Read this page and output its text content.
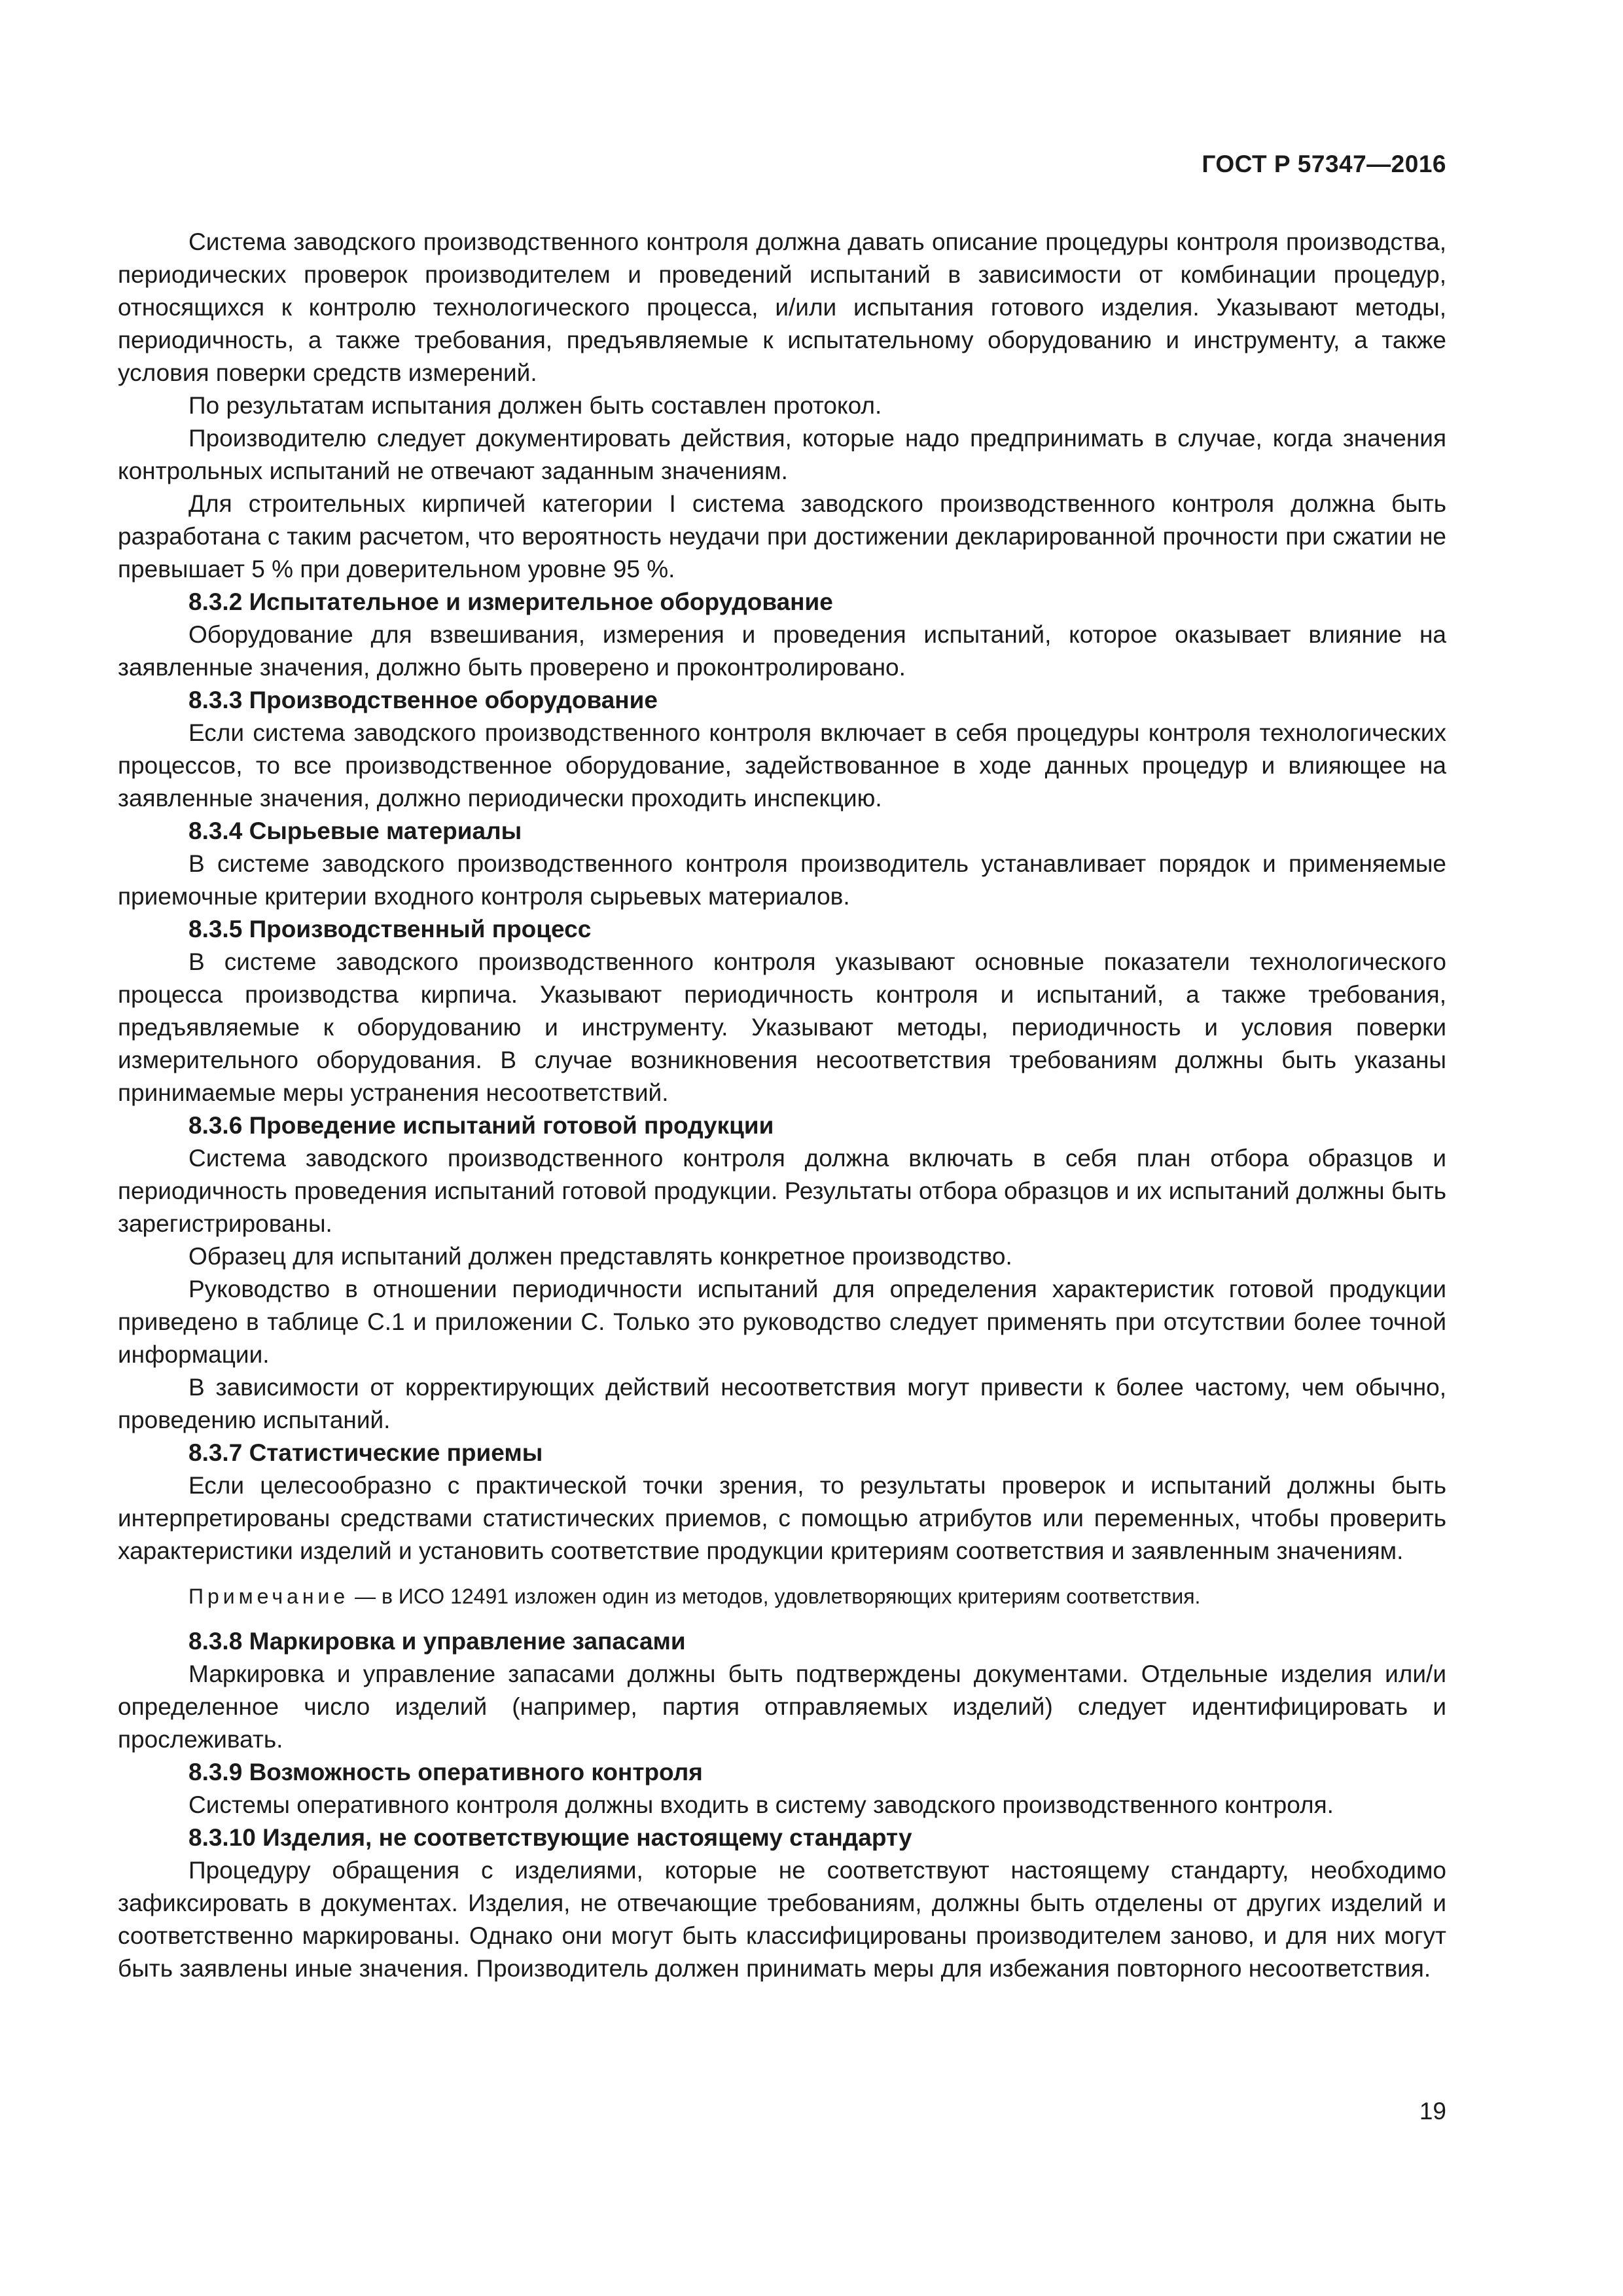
ГОСТ Р 57347—2016

Система заводского производственного контроля должна давать описание процедуры контроля производства, периодических проверок производителем и проведений испытаний в зависимости от комбинации процедур, относящихся к контролю технологического процесса, и/или испытания готового изделия. Указывают методы, периодичность, а также требования, предъявляемые к испытательному оборудованию и инструменту, а также условия поверки средств измерений.

По результатам испытания должен быть составлен протокол.

Производителю следует документировать действия, которые надо предпринимать в случае, когда значения контрольных испытаний не отвечают заданным значениям.

Для строительных кирпичей категории I система заводского производственного контроля должна быть разработана с таким расчетом, что вероятность неудачи при достижении декларированной прочности при сжатии не превышает 5 % при доверительном уровне 95 %.

8.3.2 Испытательное и измерительное оборудование

Оборудование для взвешивания, измерения и проведения испытаний, которое оказывает влияние на заявленные значения, должно быть проверено и проконтролировано.

8.3.3 Производственное оборудование

Если система заводского производственного контроля включает в себя процедуры контроля технологических процессов, то все производственное оборудование, задействованное в ходе данных процедур и влияющее на заявленные значения, должно периодически проходить инспекцию.

8.3.4 Сырьевые материалы

В системе заводского производственного контроля производитель устанавливает порядок и применяемые приемочные критерии входного контроля сырьевых материалов.

8.3.5 Производственный процесс

В системе заводского производственного контроля указывают основные показатели технологического процесса производства кирпича. Указывают периодичность контроля и испытаний, а также требования, предъявляемые к оборудованию и инструменту. Указывают методы, периодичность и условия поверки измерительного оборудования. В случае возникновения несоответствия требованиям должны быть указаны принимаемые меры устранения несоответствий.

8.3.6 Проведение испытаний готовой продукции

Система заводского производственного контроля должна включать в себя план отбора образцов и периодичность проведения испытаний готовой продукции. Результаты отбора образцов и их испытаний должны быть зарегистрированы.

Образец для испытаний должен представлять конкретное производство.

Руководство в отношении периодичности испытаний для определения характеристик готовой продукции приведено в таблице С.1 и приложении С. Только это руководство следует применять при отсутствии более точной информации.

В зависимости от корректирующих действий несоответствия могут привести к более частому, чем обычно, проведению испытаний.

8.3.7 Статистические приемы

Если целесообразно с практической точки зрения, то результаты проверок и испытаний должны быть интерпретированы средствами статистических приемов, с помощью атрибутов или переменных, чтобы проверить характеристики изделий и установить соответствие продукции критериям соответствия и заявленным значениям.

Примечание — в ИСО 12491 изложен один из методов, удовлетворяющих критериям соответствия.

8.3.8 Маркировка и управление запасами

Маркировка и управление запасами должны быть подтверждены документами. Отдельные изделия или/и определенное число изделий (например, партия отправляемых изделий) следует идентифицировать и прослеживать.

8.3.9 Возможность оперативного контроля

Системы оперативного контроля должны входить в систему заводского производственного контроля.

8.3.10 Изделия, не соответствующие настоящему стандарту

Процедуру обращения с изделиями, которые не соответствуют настоящему стандарту, необходимо зафиксировать в документах. Изделия, не отвечающие требованиям, должны быть отделены от других изделий и соответственно маркированы. Однако они могут быть классифицированы производителем заново, и для них могут быть заявлены иные значения. Производитель должен принимать меры для избежания повторного несоответствия.

19
